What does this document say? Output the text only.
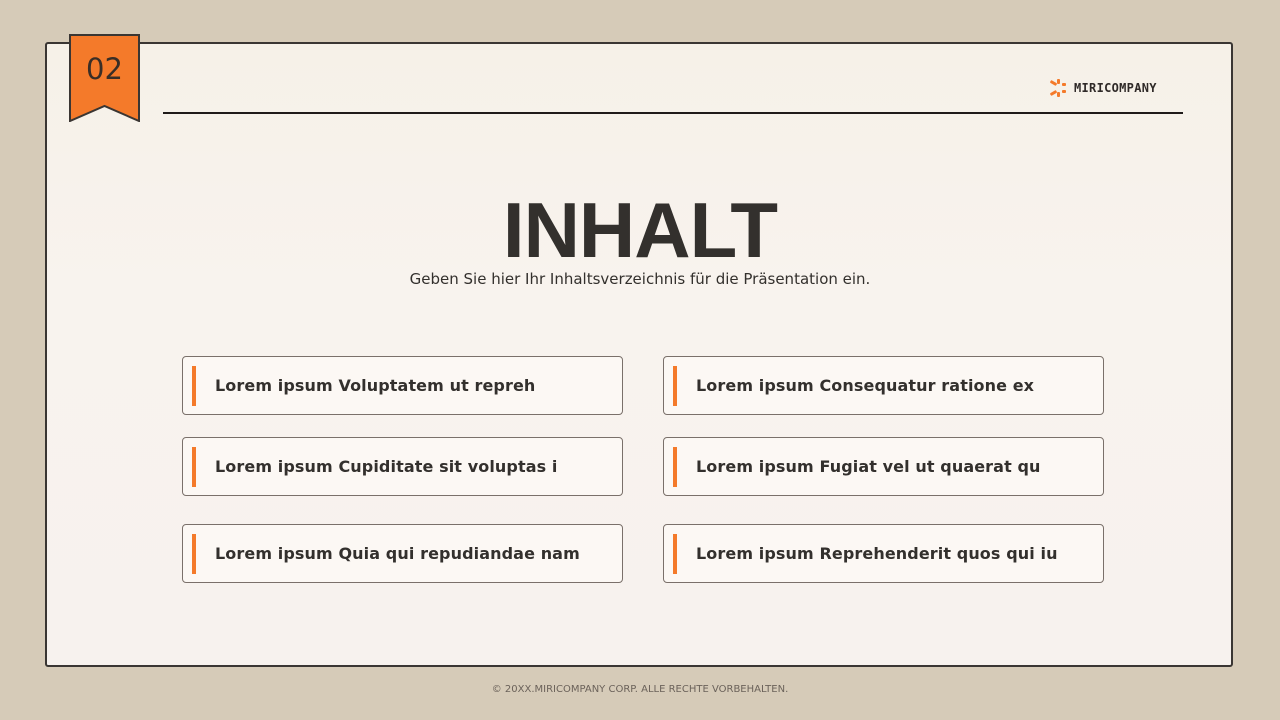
02
MIRICOMPANY
INHALT
Geben Sie hier Ihr Inhaltsverzeichnis für die Präsentation ein.
Lorem ipsum Voluptatem ut repreh	Lorem ipsum Consequatur ratione ex
Lorem ipsum Cupiditate sit voluptas i	Lorem ipsum Fugiat vel ut quaerat qu
Lorem ipsum Quia qui repudiandae nam	Lorem ipsum Reprehenderit quos qui iu
© 20XX.MIRICOMPANY CORP. ALLE RECHTE VORBEHALTEN.
